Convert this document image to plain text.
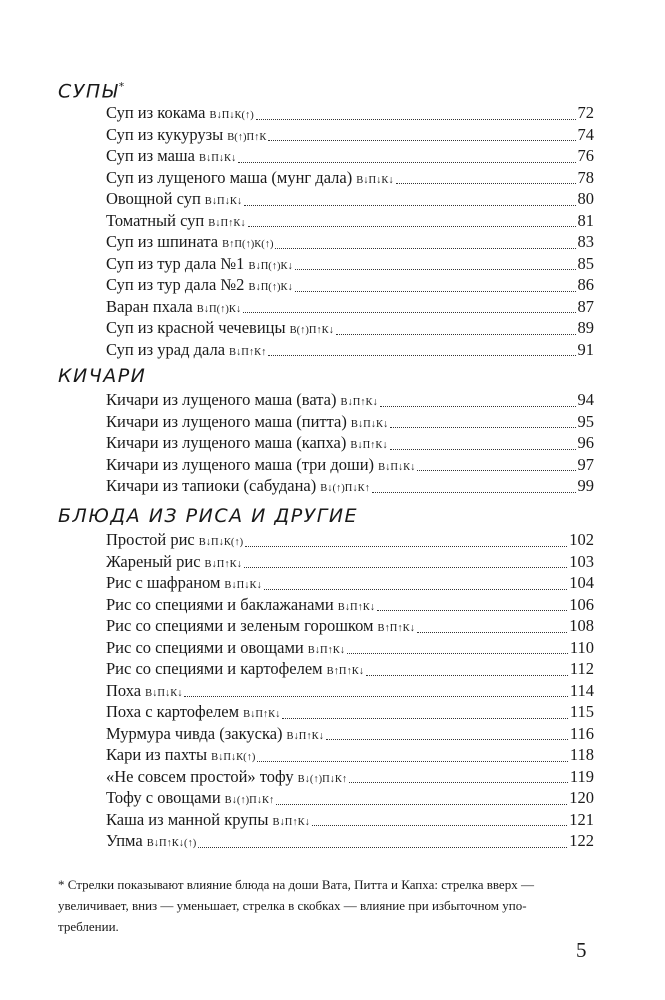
СУПЫ*
Суп из кокама В↓П↓К(↑)	72
Суп из кукурузы В(↑)П↑К	74
Суп из маша В↓П↓К↓	76
Суп из лущеного маша (мунг дала) В↓П↓К↓	78
Овощной суп В↓П↓К↓	80
Томатный суп В↓П↑К↓	81
Суп из шпината В↑П(↑)К(↑)	83
Суп из тур дала №1 В↓П(↑)К↓	85
Суп из тур дала №2 В↓П(↑)К↓	86
Варан пхала В↓П(↑)К↓	87
Суп из красной чечевицы В(↑)П↑К↓	89
Суп из урад дала В↓П↑К↑	91
КИЧАРИ
Кичари из лущеного маша (вата) В↓П↑К↓	94
Кичари из лущеного маша (питта) В↓П↓К↓	95
Кичари из лущеного маша (капха) В↓П↑К↓	96
Кичари из лущеного маша (три доши) В↓П↓К↓	97
Кичари из тапиоки (сабудана) В↓(↑)П↓К↑	99
БЛЮДА ИЗ РИСА И ДРУГИЕ
Простой рис В↓П↓К(↑)	102
Жареный рис В↓П↑К↓	103
Рис с шафраном В↓П↓К↓	104
Рис со специями и баклажанами В↓П↑К↓	106
Рис со специями и зеленым горошком В↑П↑К↓	108
Рис со специями и овощами В↓П↑К↓	110
Рис со специями и картофелем В↑П↑К↓	112
Поха В↓П↓К↓	114
Поха с картофелем В↓П↑К↓	115
Мурмура чивда (закуска) В↓П↑К↓	116
Кари из пахты В↓П↓К(↑)	118
«Не совсем простой» тофу В↓(↑)П↓К↑	119
Тофу с овощами В↓(↑)П↓К↑	120
Каша из манной крупы В↓П↑К↓	121
Упма В↓П↑К↓(↑)	122
* Стрелки показывают влияние блюда на доши Вата, Питта и Капха: стрелка вверх —
увеличивает, вниз — уменьшает, стрелка в скобках — влияние при избыточном упо-
треблении.
5
